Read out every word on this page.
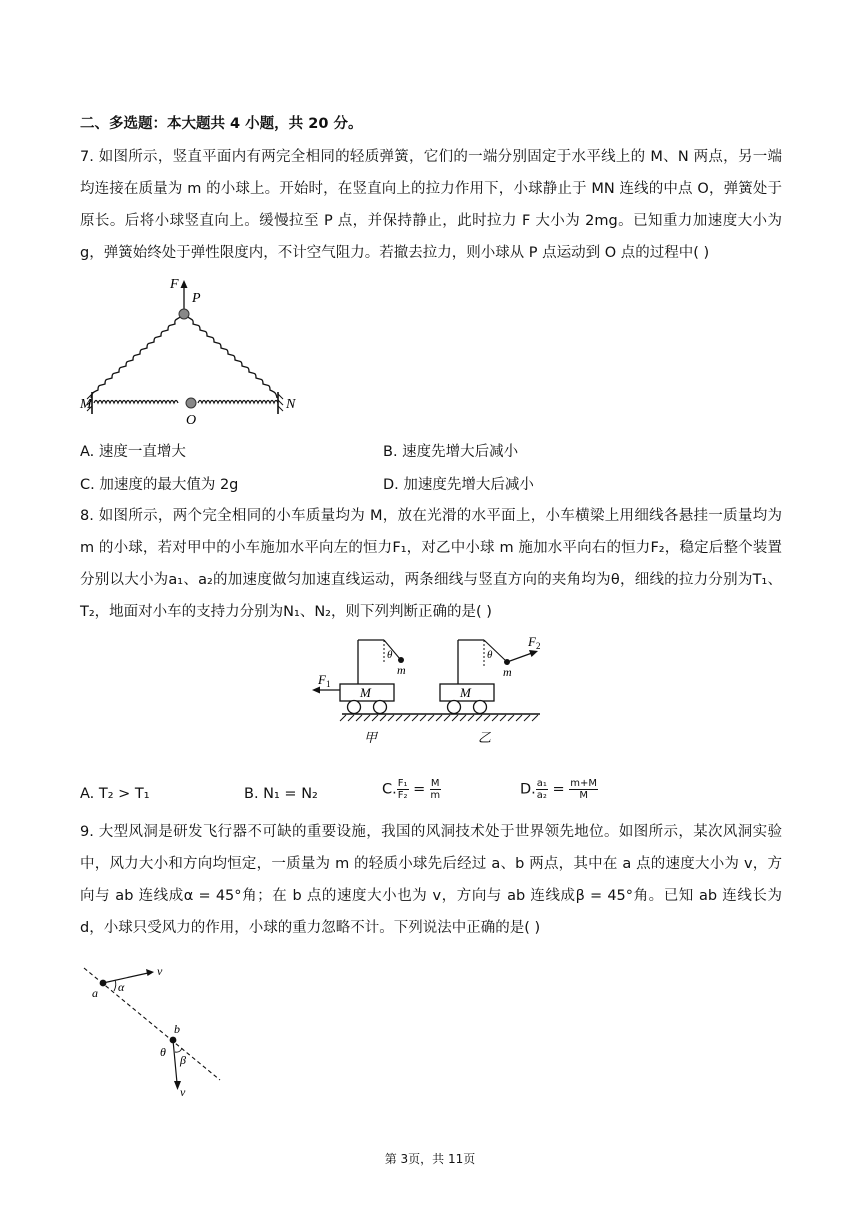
二、多选题：本大题共 4 小题，共 20 分。
7. 如图所示，竖直平面内有两完全相同的轻质弹簧，它们的一端分别固定于水平线上的 M、N 两点，另一端均连接在质量为 m 的小球上。开始时，在竖直向上的拉力作用下，小球静止于 MN 连线的中点 O，弹簧处于原长。后将小球竖直向上。缓慢拉至 P 点，并保持静止，此时拉力 F 大小为 2mg。已知重力加速度大小为 g，弹簧始终处于弹性限度内，不计空气阻力。若撤去拉力，则小球从 P 点运动到 O 点的过程中( )
F
P
M	N
O
A. 速度一直增大	B. 速度先增大后减小
C. 加速度的最大值为 2g	D. 加速度先增大后减小
8. 如图所示，两个完全相同的小车质量均为 M，放在光滑的水平面上，小车横梁上用细线各悬挂一质量均为 m 的小球，若对甲中的小车施加水平向左的恒力F₁，对乙中小球 m 施加水平向右的恒力F₂，稳定后整个装置分别以大小为a₁、a₂的加速度做匀加速直线运动，两条细线与竖直方向的夹角均为θ，细线的拉力分别为T₁、T₂，地面对小车的支持力分别为N₁、N₂，则下列判断正确的是( )
θ
m
M
$F_1$
θ
m
M
$F_2$
甲	乙
A. T₂ > T₁	B. N₁ = N₂	C. $\frac{\text{F₁}}{\text{F₂}} = \frac{M}{m}$	D. $\frac{\text{a₁}}{\text{a₂}} = \frac{m+M}{M}$
9. 大型风洞是研发飞行器不可缺的重要设施，我国的风洞技术处于世界领先地位。如图所示，某次风洞实验中，风力大小和方向均恒定，一质量为 m 的轻质小球先后经过 a、b 两点，其中在 a 点的速度大小为 v，方向与 ab 连线成α = 45°角；在 b 点的速度大小也为 v，方向与 ab 连线成β = 45°角。已知 ab 连线长为 d，小球只受风力的作用，小球的重力忽略不计。下列说法中正确的是( )
v
a α
v
b
θ
β
第 3页，共 11页
